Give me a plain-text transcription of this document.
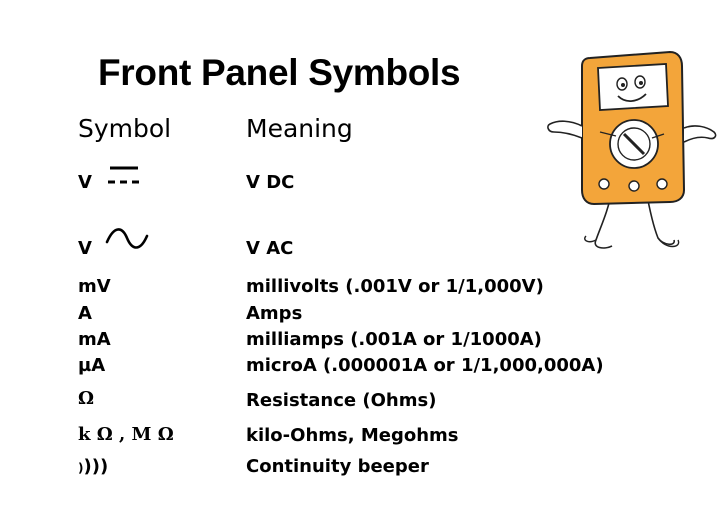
Front Panel Symbols
Symbol	Meaning
V	V DC
V	V AC
mV	millivolts (.001V or 1/1,000V)
A	Amps
mA	milliamps (.001A or 1/1000A)
µA	microA (.000001A or 1/1,000,000A)
Ω	Resistance (Ohms)
k Ω , M Ω	kilo-Ohms, Megohms
))))	Continuity beeper
